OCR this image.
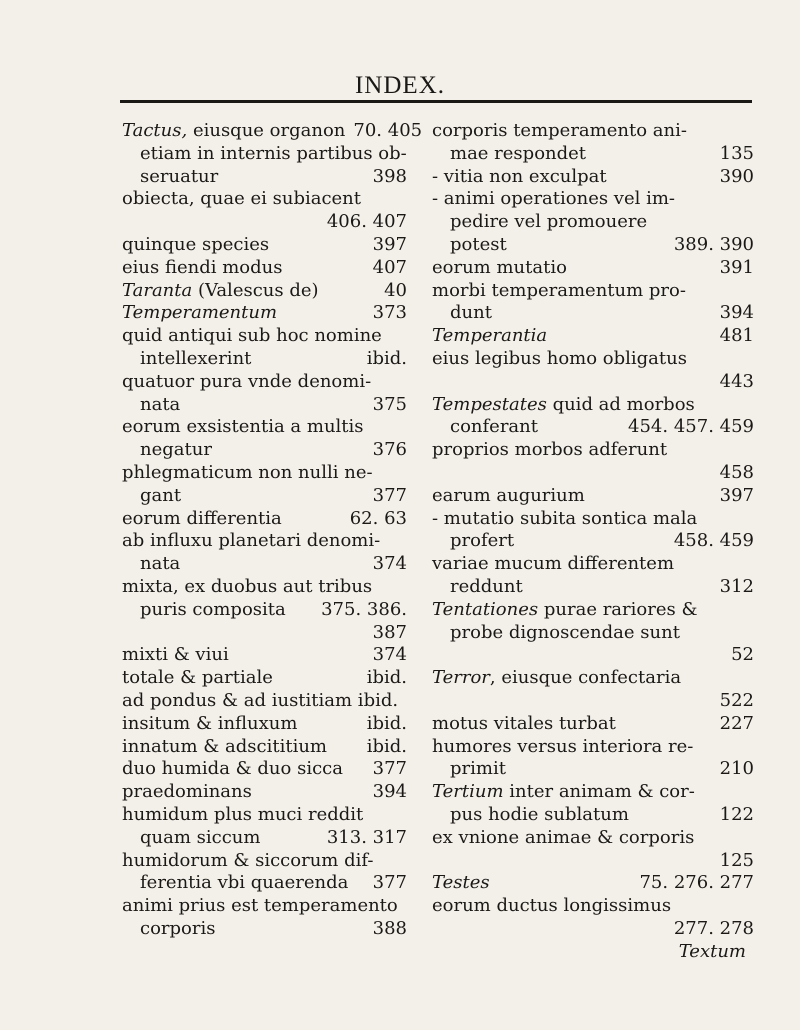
INDEX.
Tactus, eiusque organon 70. 405
etiam in internis partibus ob-
seruatur	398
obiecta, quae ei subiacent
406. 407
quinque species	397
eius fiendi modus	407
Taranta (Valescus de)	40
Temperamentum	373
quid antiqui sub hoc nomine
intellexerint	ibid.
quatuor pura vnde denomi-
nata	375
eorum exsistentia a multis
negatur	376
phlegmaticum non nulli ne-
gant	377
eorum differentia	62. 63
ab influxu planetari denomi-
nata	374
mixta, ex duobus aut tribus
puris composita	375. 386.
387
mixti & viui	374
totale & partiale	ibid.
ad pondus & ad iustitiam ibid.
insitum & influxum	ibid.
innatum & adscititium	ibid.
duo humida & duo sicca	377
praedominans	394
humidum plus muci reddit
quam siccum	313. 317
humidorum & siccorum dif-
ferentia vbi quaerenda	377
animi prius est temperamento
corporis	388
corporis temperamento ani-
mae respondet	135
- vitia non exculpat	390
- animi operationes vel im-
pedire vel promouere
potest	389. 390
eorum mutatio	391
morbi temperamentum pro-
dunt	394
Temperantia	481
eius legibus homo obligatus
443
Tempestates quid ad morbos
conferant	454. 457. 459
proprios morbos adferunt
458
earum augurium	397
- mutatio subita sontica mala
profert	458. 459
variae mucum differentem
reddunt	312
Tentationes purae rariores &
probe dignoscendae sunt
52
Terror, eiusque confectaria
522
motus vitales turbat	227
humores versus interiora re-
primit	210
Tertium inter animam & cor-
pus hodie sublatum	122
ex vnione animae & corporis
125
Testes	75. 276. 277
eorum ductus longissimus
277. 278
Textum
